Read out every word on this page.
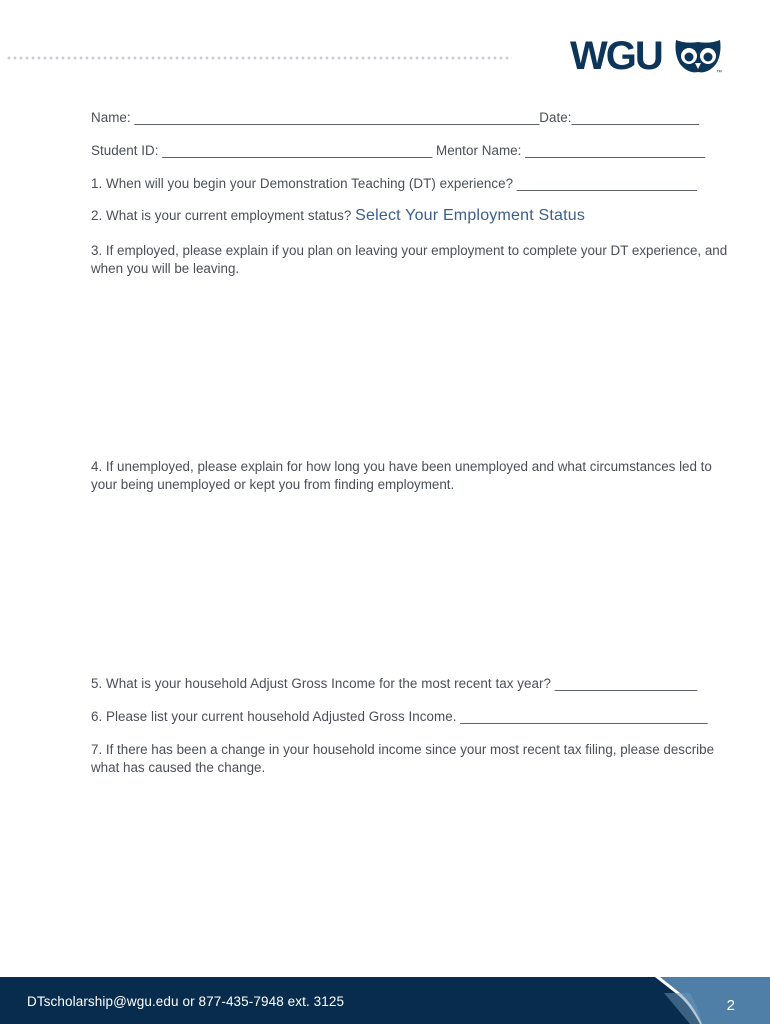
WGU	™
Name: ______________________________________________________Date:_________________
Student ID: ____________________________________ Mentor Name: ________________________
1. When will you begin your Demonstration Teaching (DT) experience? ________________________
2. What is your current employment status? Select Your Employment Status
3. If employed, please explain if you plan on leaving your employment to complete your DT experience, and when you will be leaving.
4. If unemployed, please explain for how long you have been unemployed and what circumstances led to your being unemployed or kept you from finding employment.
5. What is your household Adjust Gross Income for the most recent tax year? ___________________
6. Please list your current household Adjusted Gross Income. _________________________________
7. If there has been a change in your household income since your most recent tax filing, please describe what has caused the change.
DTscholarship@wgu.edu or 877-435-7948 ext. 3125	2
